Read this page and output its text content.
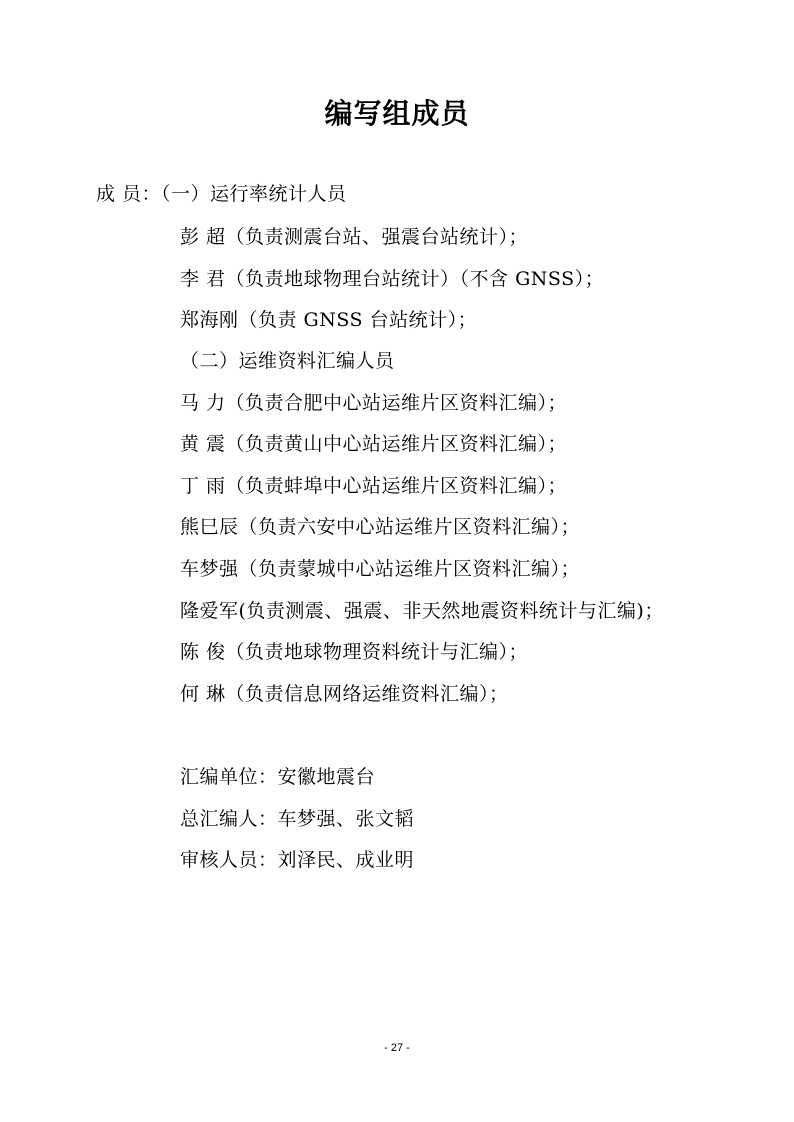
编写组成员
成 员：（一）运行率统计人员
彭 超（负责测震台站、强震台站统计）；
李 君（负责地球物理台站统计）（不含 GNSS）；
郑海刚（负责 GNSS 台站统计）；
（二）运维资料汇编人员
马 力（负责合肥中心站运维片区资料汇编）；
黄 震（负责黄山中心站运维片区资料汇编）；
丁 雨（负责蚌埠中心站运维片区资料汇编）；
熊巳辰（负责六安中心站运维片区资料汇编）；
车梦强（负责蒙城中心站运维片区资料汇编）；
隆爱军(负责测震、强震、非天然地震资料统计与汇编)；
陈 俊（负责地球物理资料统计与汇编）；
何 琳（负责信息网络运维资料汇编）；
汇编单位：安徽地震台
总汇编人：车梦强、张文韬
审核人员：刘泽民、成业明
- 27 -
